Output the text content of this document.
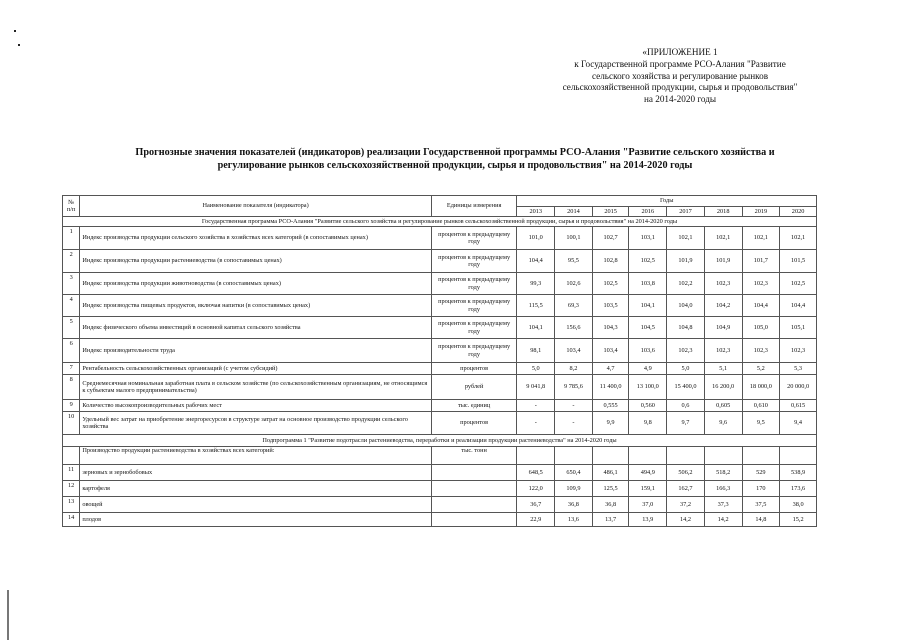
«ПРИЛОЖЕНИЕ 1
к Государственной программе РСО-Алания "Развитие
сельского хозяйства и регулирование рынков
сельскохозяйственной продукции, сырья и продовольствия"
на 2014-2020 годы
Прогнозные значения показателей (индикаторов) реализации Государственной программы РСО-Алания "Развитие сельского хозяйства и
регулирование рынков сельскохозяйственной продукции, сырья и продовольствия" на 2014-2020 годы
№ п/п	Наименование показателя (индикатора)	Единицы измерения	Годы							
			2013	2014	2015	2016	2017	2018	2019	2020
Государственная программа РСО-Алания "Развитие сельского хозяйства и регулирование рынков сельскохозяйственной продукции, сырья и продовольствия" на 2014-2020 годы										
1	Индекс производства продукции сельского хозяйства в хозяйствах всех категорий (в сопоставимых ценах)	процентов к предыдущему году	101,0	100,1	102,7	103,1	102,1	102,1	102,1	102,1
2	Индекс производства продукции растениеводства (в сопоставимых ценах)	процентов к предыдущему году	104,4	95,5	102,8	102,5	101,9	101,9	101,7	101,5
3	Индекс производства продукции животноводства (в сопоставимых ценах)	процентов к предыдущему году	99,3	102,6	102,5	103,8	102,2	102,3	102,3	102,5
4	Индекс производства пищевых продуктов, включая напитки (в сопоставимых ценах)	процентов к предыдущему году	115,5	69,3	103,5	104,1	104,0	104,2	104,4	104,4
5	Индекс физического объема инвестиций в основной капитал сельского хозяйства	процентов к предыдущему году	104,1	156,6	104,3	104,5	104,8	104,9	105,0	105,1
6	Индекс производительности труда	процентов к предыдущему году	98,1	103,4	103,4	103,6	102,3	102,3	102,3	102,3
7	Рентабельность сельскохозяйственных организаций (с учетом субсидий)	процентов	5,0	8,2	4,7	4,9	5,0	5,1	5,2	5,3
8	Среднемесячная номинальная заработная плата в сельском хозяйстве (по сельскохозяйственным организациям, не относящимся к субъектам малого предпринимательства)	рублей	9 041,8	9 785,6	11 400,0	13 100,0	15 400,0	16 200,0	18 000,0	20 000,0
9	Количество высокопроизводительных рабочих мест	тыс. единиц	-	-	0,555	0,560	0,6	0,605	0,610	0,615
10	Удельный вес затрат на приобретение энергоресурсов в структуре затрат на основное производство продукции сельского хозяйства	процентов	-	-	9,9	9,8	9,7	9,6	9,5	9,4
Подпрограмма 1 "Развитие подотрасли растениеводства, переработки и реализации продукции растениеводства" на 2014-2020 годы										
	Производство продукции растениеводства в хозяйствах всех категорий:	тыс. тонн								
11	зерновых и зернобобовых		648,5	650,4	486,1	494,9	506,2	518,2	529	538,9
12	картофеля		122,0	109,9	125,5	159,1	162,7	166,3	170	173,6
13	овощей		36,7	36,8	36,8	37,0	37,2	37,3	37,5	38,0
14	плодов		22,9	13,6	13,7	13,9	14,2	14,2	14,8	15,2
